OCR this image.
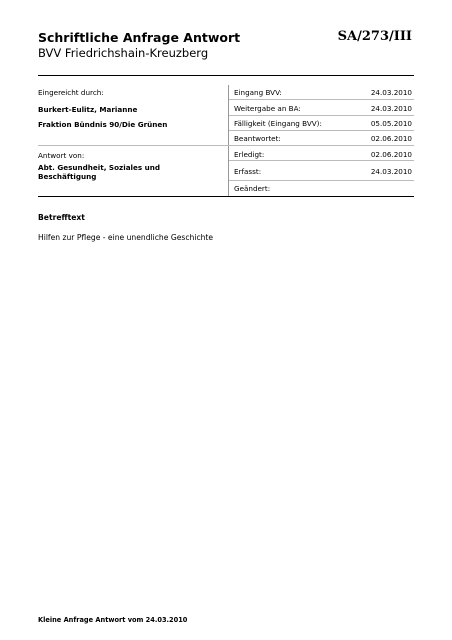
Schriftliche Anfrage Antwort	SA/273/III
BVV Friedrichshain-Kreuzberg
Eingereicht durch:
Burkert-Eulitz, Marianne
Fraktion Bündnis 90/Die Grünen
Antwort von:
Abt. Gesundheit, Soziales und Beschäftigung
Eingang BVV:	24.03.2010
Weitergabe an BA:	24.03.2010
Fälligkeit (Eingang BVV):	05.05.2010
Beantwortet:	02.06.2010
Erledigt:	02.06.2010
Erfasst:	24.03.2010
Geändert:
Betrefftext
Hilfen zur Pflege - eine unendliche Geschichte
Kleine Anfrage Antwort vom 24.03.2010
